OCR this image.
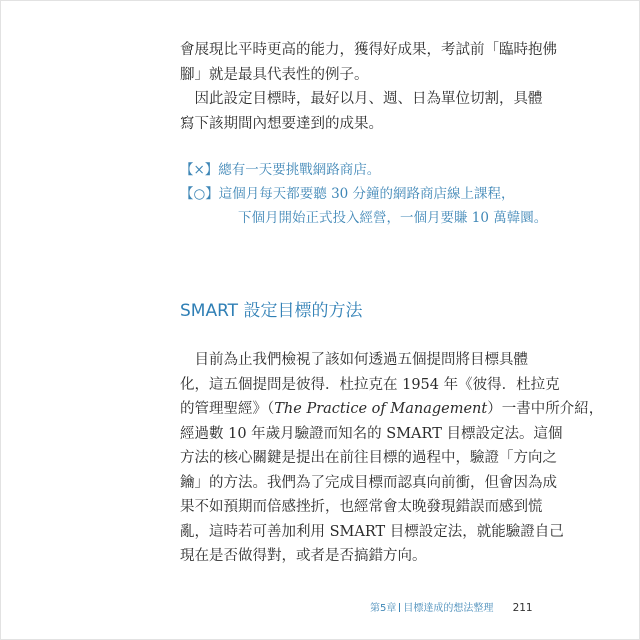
會展現比平時更高的能力，獲得好成果，考試前「臨時抱佛
腳」就是最具代表性的例子。
　因此設定目標時，最好以月、週、日為單位切割，具體
寫下該期間內想要達到的成果。
【×】總有一天要挑戰網路商店。
【○】這個月每天都要聽 30 分鐘的網路商店線上課程，
下個月開始正式投入經營，一個月要賺 10 萬韓圜。
SMART 設定目標的方法
　目前為止我們檢視了該如何透過五個提問將目標具體
化，這五個提問是彼得．杜拉克在 1954 年《彼得．杜拉克
的管理聖經》（The Practice of Management）一書中所介紹，
經過數 10 年歲月驗證而知名的 SMART 目標設定法。這個
方法的核心關鍵是提出在前往目標的過程中，驗證「方向之
鑰」的方法。我們為了完成目標而認真向前衝，但會因為成
果不如預期而倍感挫折，也經常會太晚發現錯誤而感到慌
亂，這時若可善加利用 SMART 目標設定法，就能驗證自己
現在是否做得對，或者是否搞錯方向。
第5章 目標達成的想法整理 211
